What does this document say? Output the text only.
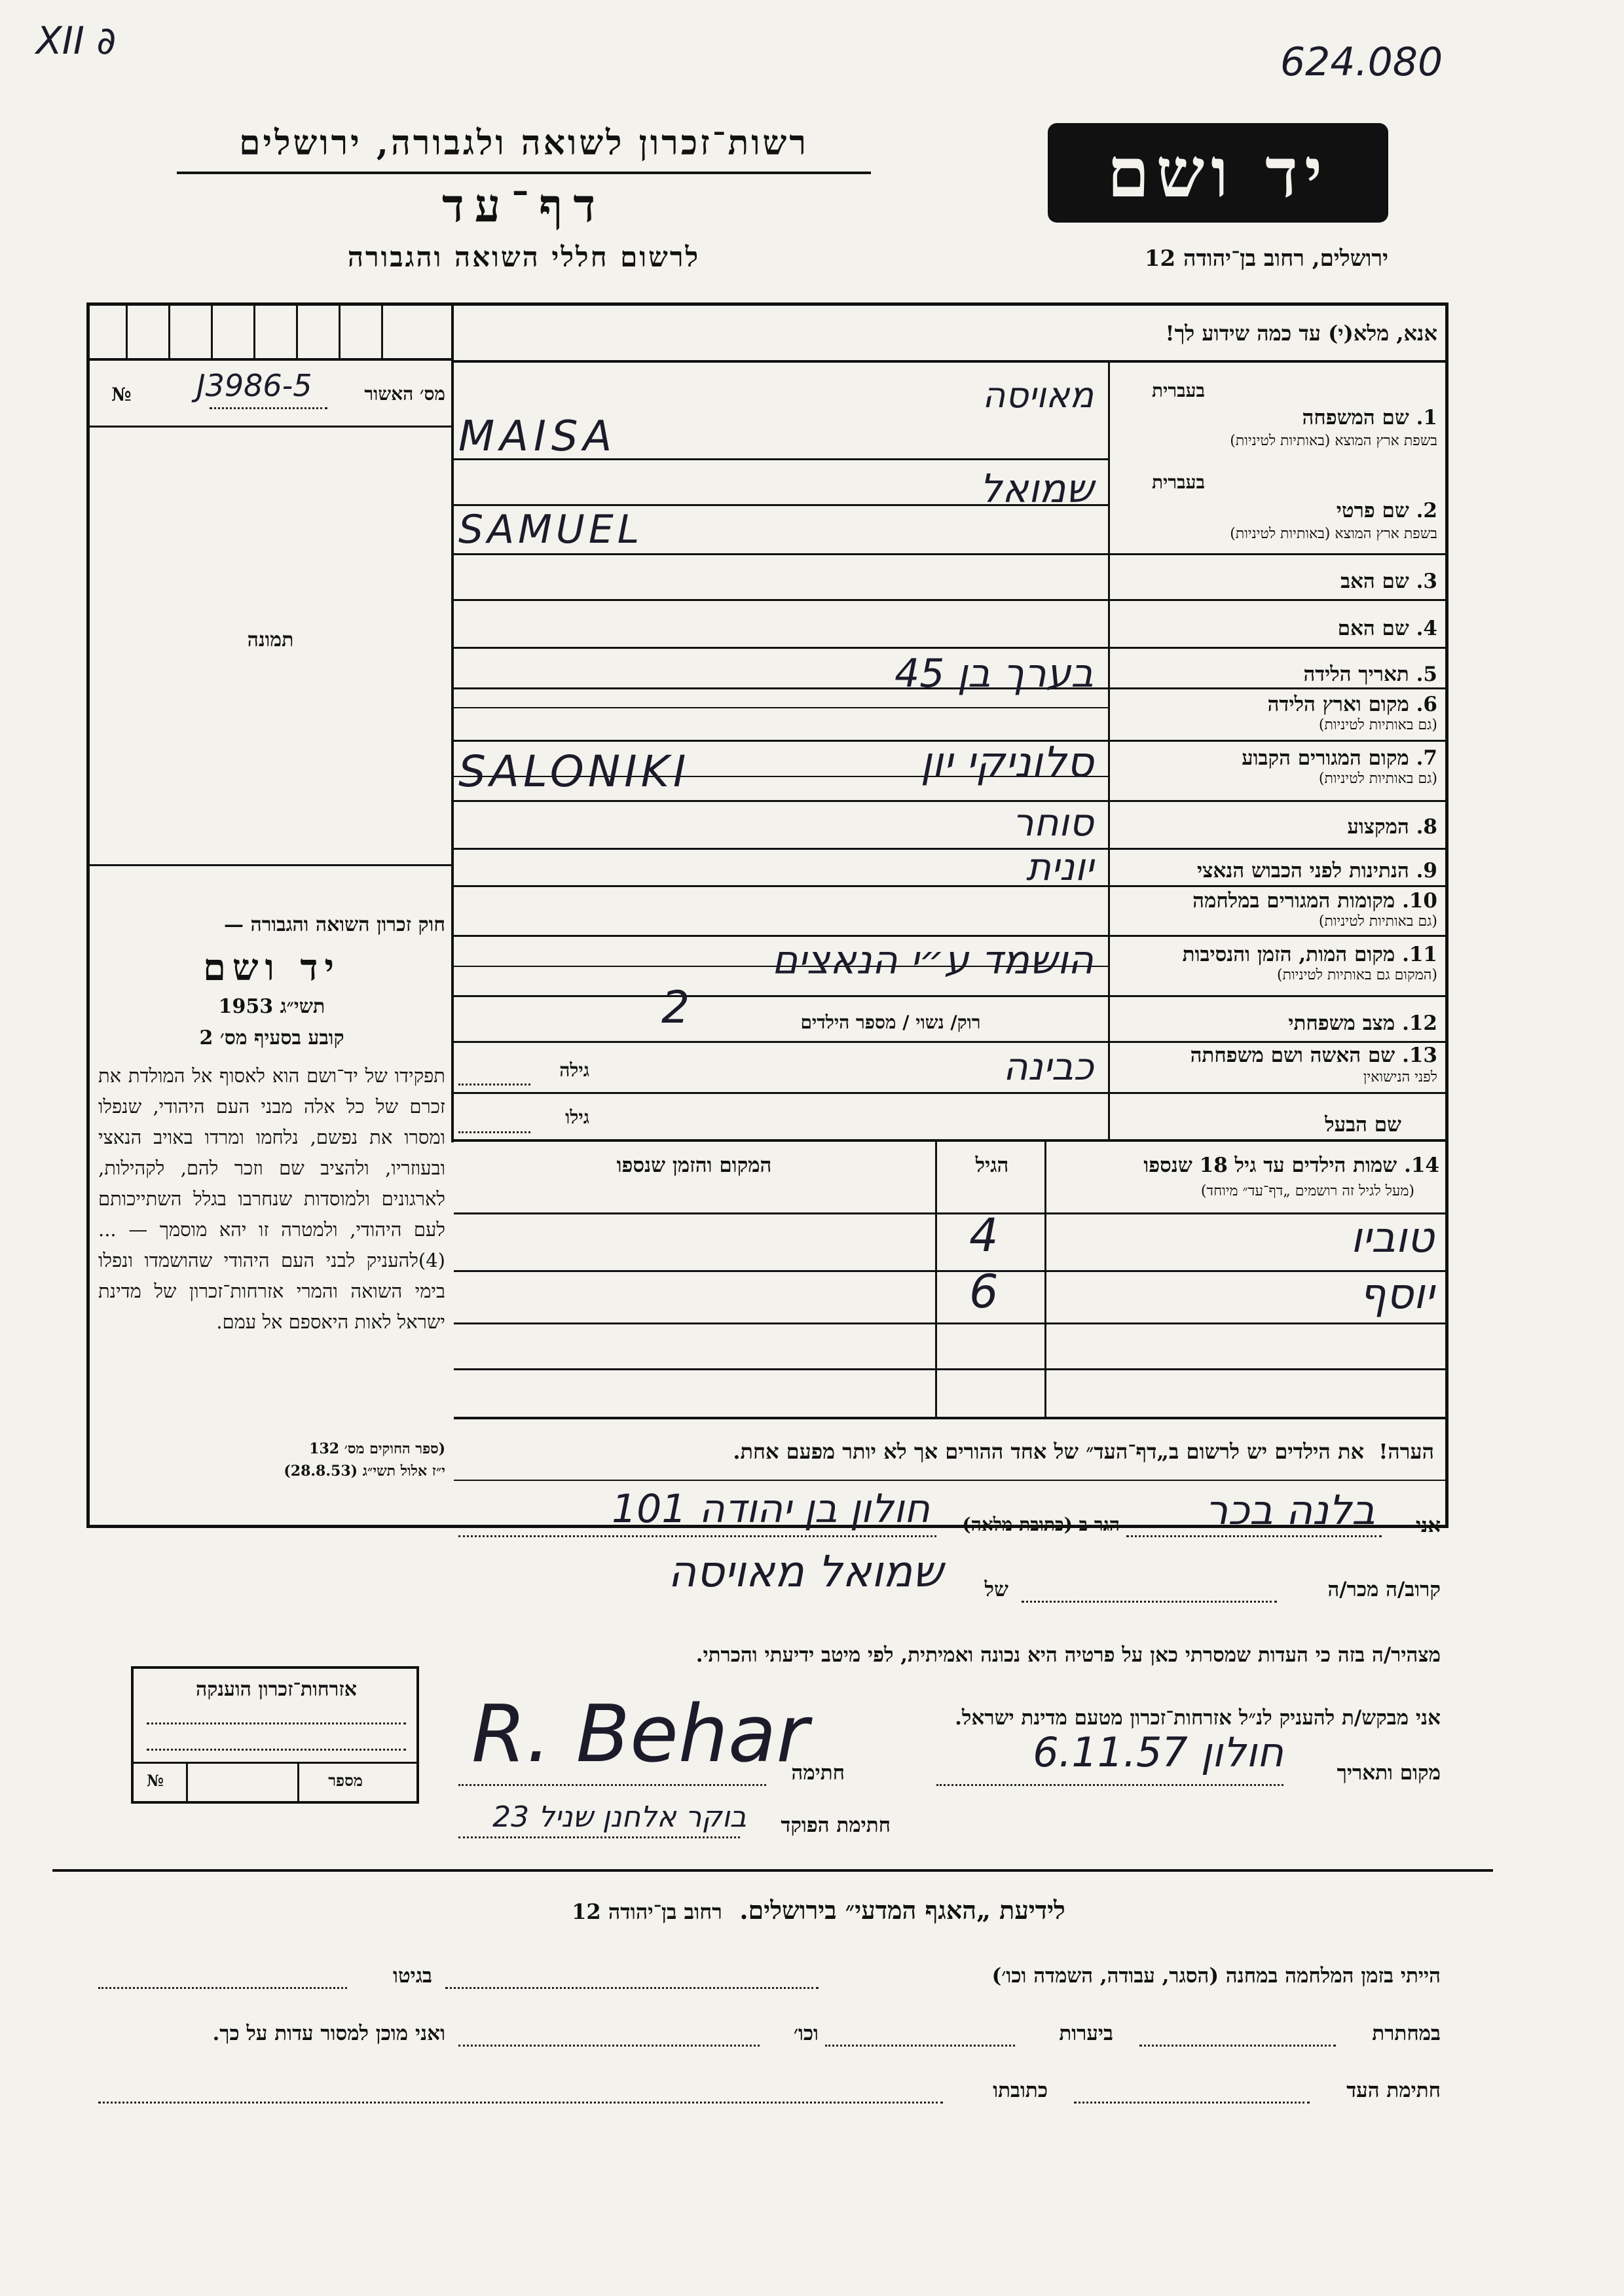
XII ∂	624.080
רשות־זכרון לשואה ולגבורה, ירושלים
דף־עד
לרשום חללי השואה והגבורה
יד ושם
ירושלים, רחוב בן־יהודה 12
מס׳ האשור
J3986-5
№
תמונה
חוק זכרון השואה והגבורה —
יד ושם
תשי״ג 1953
קובע בסעיף מס׳ 2
תפקידו של יד־ושם הוא לאסוף אל המולדת את זכרם של כל אלה מבני העם היהודי, שנפלו ומסרו את נפשם, נלחמו ומרדו באויב הנאצי ובעוזריו, ולהציב שם וזכר להם, לקהילות, לארגונים ולמוסדות שנחרבו בגלל השתייכותם לעם היהודי, ולמטרה זו יהא מוסמך — ...(4)להעניק לבני העם היהודי שהושמדו ונפלו בימי השואה והמרי אזרחות־זכרון של מדינת ישראל לאות היאספם אל עמם.
(ספר החוקים מס׳ 132
י״ז אלול תשי״ג (28.8.53)
אנא, מלא(י) עד כמה שידוע לך!
בעברית
1. שם המשפחה
בשפת ארץ המוצא (באותיות לטיניות)
בעברית
2. שם פרטי
בשפת ארץ המוצא (באותיות לטיניות)
3. שם האב
4. שם האם
5. תאריך הלידה
6. מקום וארץ הלידה
(גם באותיות לטיניות)
7. מקום המגורים הקבוע
(גם באותיות לטיניות)
8. המקצוע
9. הנתינות לפני הכבוש הנאצי
10. מקומות המגורים במלחמה
(גם באותיות לטיניות)
11. מקום המות, הזמן והנסיבות
(המקום גם באותיות לטיניות)
12. מצב משפחתי
13. שם האשה ושם משפחתה
לפני הנישואין
שם הבעל
מאויסה
MAISA
שמואל
SAMUEL
בערך בן 45
סלוניקי יון
SALONIKI
סוחר
יונית
הושמד ע״י הנאצים
רוק/ נשוי / מספר הילדים
2
כבינה
גילה
גילו
14. שמות הילדים עד גיל 18 שנספו
(מעל לגיל זה רושמים „דף־עד״ מיוחד)
הגיל
המקום והזמן שנספו
טוביו
4
יוסף
6
הערה!  את הילדים יש לרשום ב„דף־העד״ של אחד ההורים אך לא יותר מפעם אחת.
אני
בלנה בכר
הגר ב (כתובת מלאה)
חולון בן יהודה 101
קרוב/ה מכר/ה
של
שמואל מאויסה
מצהיר/ה בזה כי העדות שמסרתי כאן על פרטיה היא נכונה ואמיתית, לפי מיטב ידיעתי והכרתי.
אני מבקש/ת להעניק לנ״ל אזרחות־זכרון מטעם מדינת ישראל.
מקום ותאריך
חולון 6.11.57
חתימה
R. Behar
חתימת הפוקד
בוקר אלחנן שניל 23
אזרחות־זכרון הוענקה
מספר
№
לידיעת „האגף המדעי״ בירושלים.  רחוב בן־יהודה 12
הייתי בזמן המלחמה במחנה (הסגר, עבודה, השמדה וכו׳)
בגיטו
במחתרת
ביערות
וכו׳
ואני מוכן למסור עדות על כך.
חתימת העד
כתובתו
